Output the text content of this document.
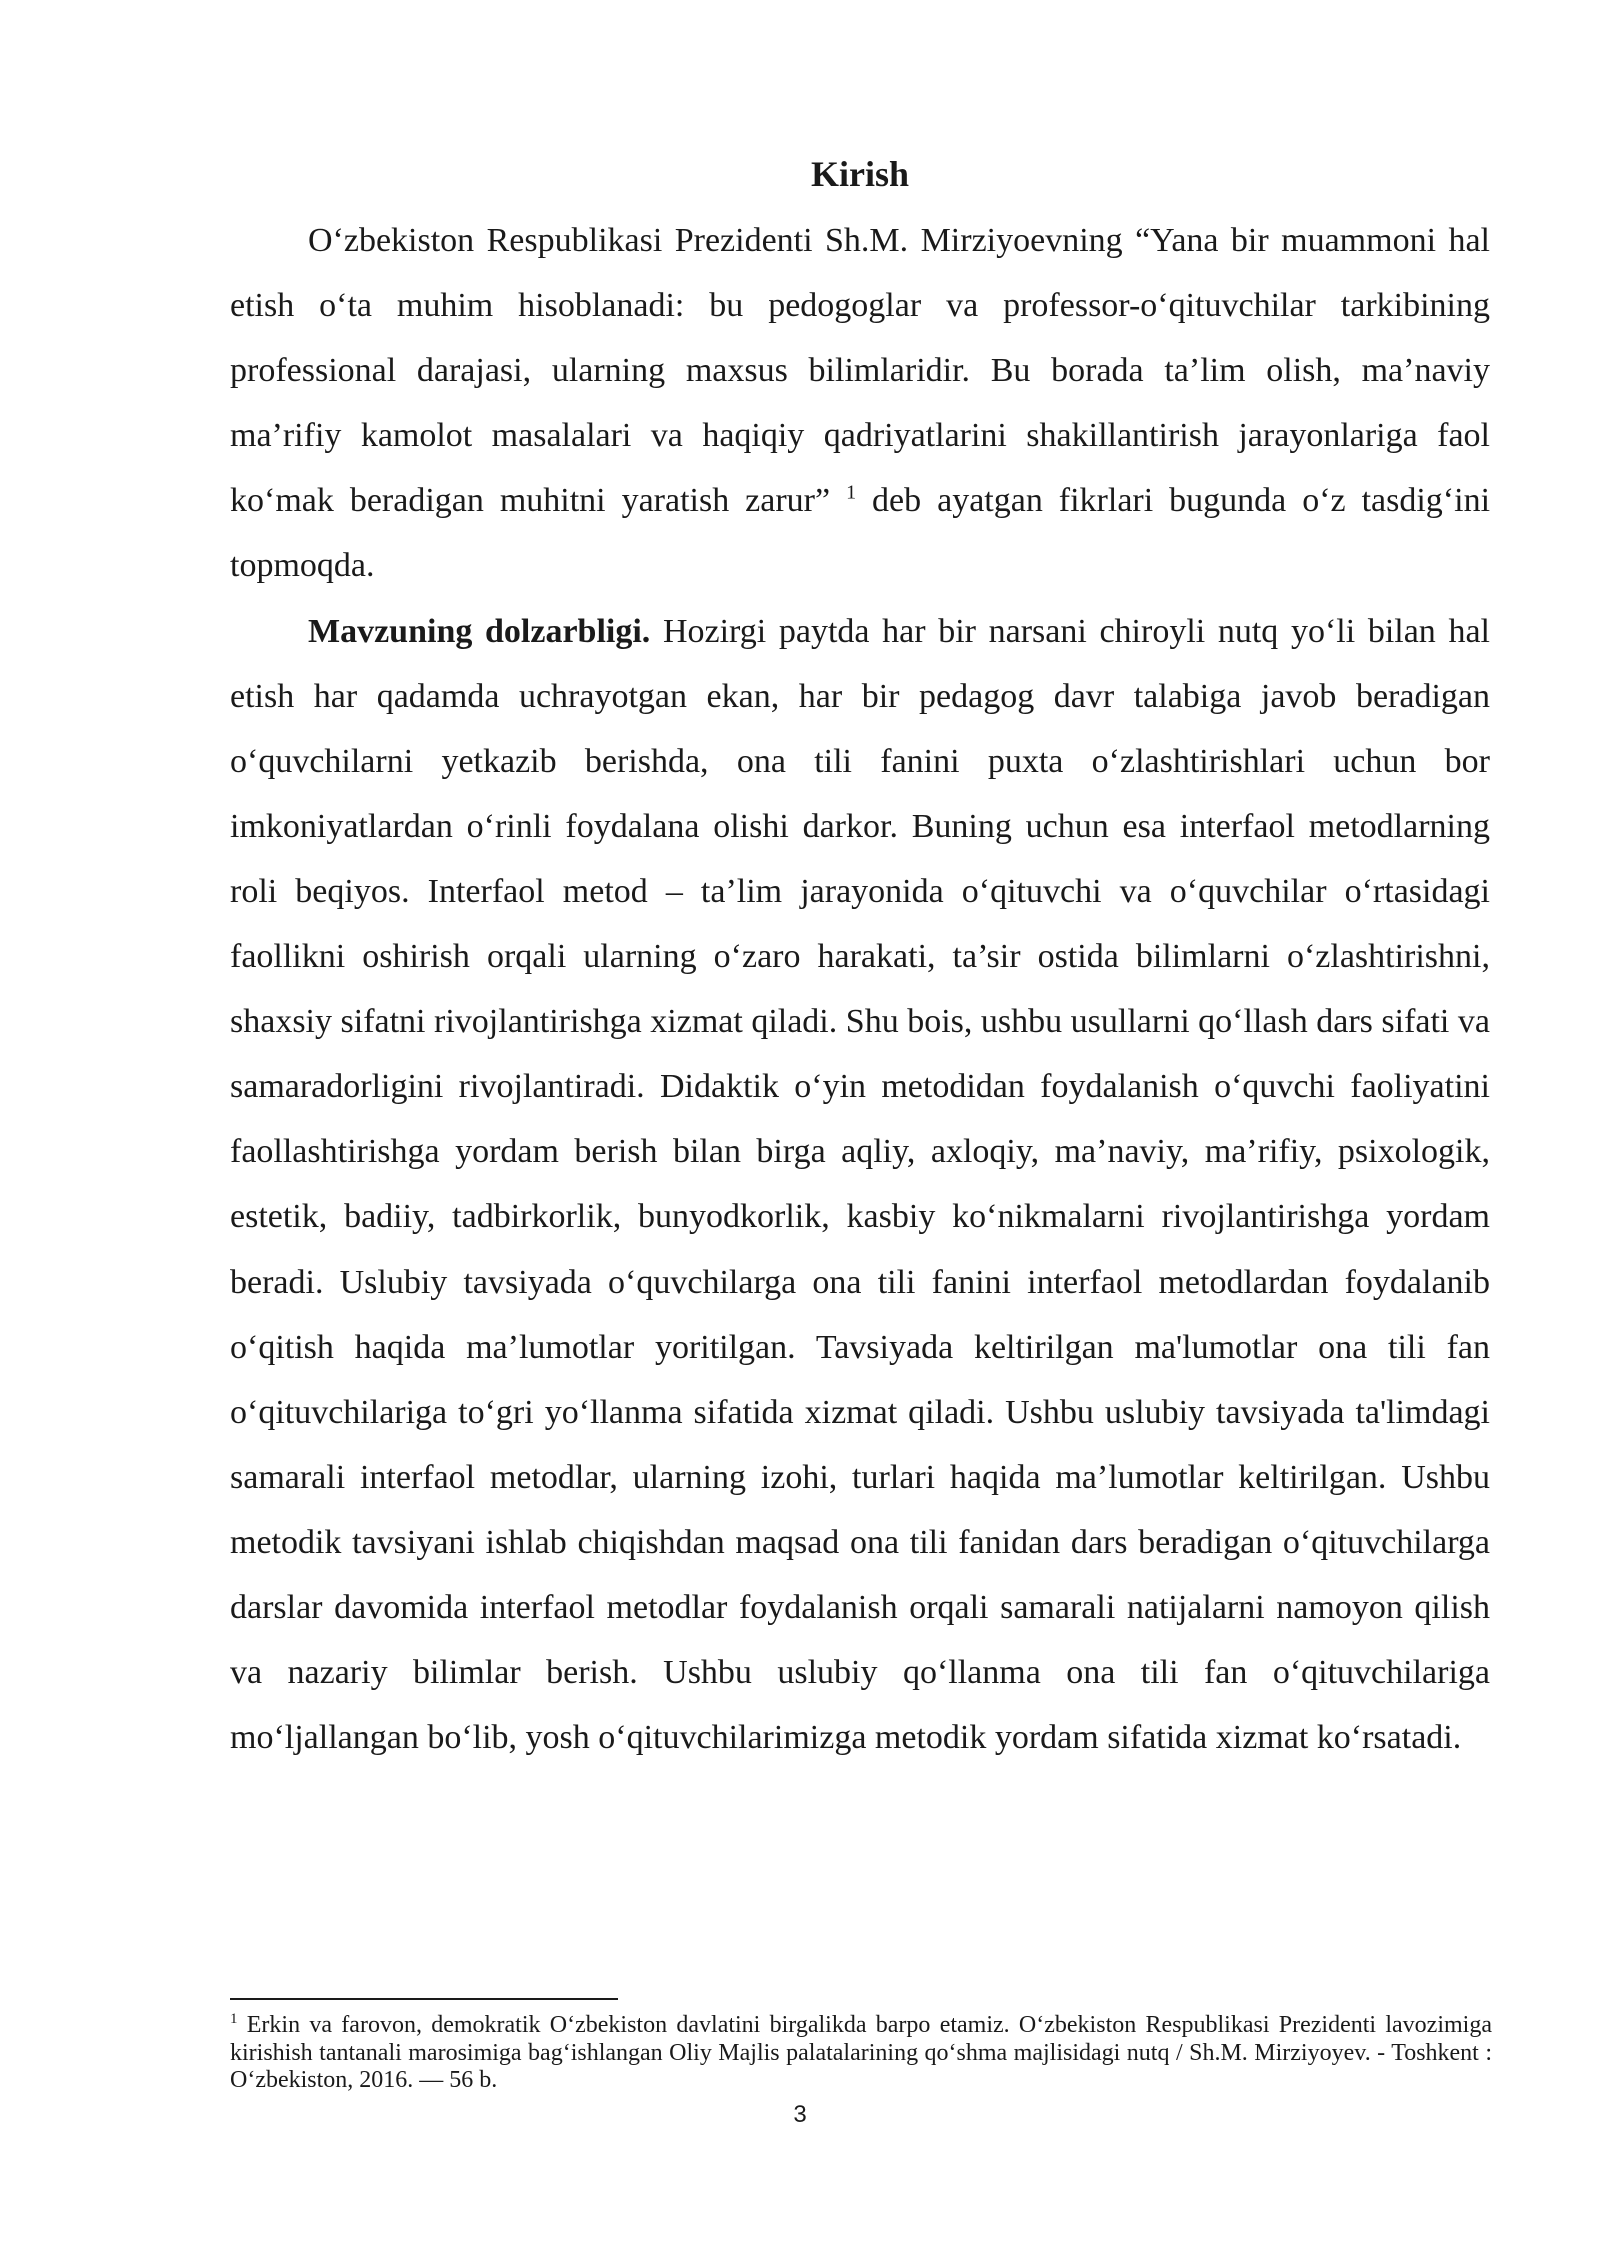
Kirish

O‘zbekiston Respublikasi Prezidenti Sh.M. Mirziyoevning “Yana bir muammoni hal etish o‘ta muhim hisoblanadi: bu pedogoglar va professor-o‘qituvchilar tarkibining professional darajasi, ularning maxsus bilimlaridir. Bu borada ta’lim olish, ma’naviy ma’rifiy kamolot masalalari va haqiqiy qadriyatlarini shakillantirish jarayonlariga faol ko‘mak beradigan muhitni yaratish zarur” $^1$ deb ayatgan fikrlari bugunda o‘z tasdig‘ini topmoqda.

Mavzuning dolzarbligi. Hozirgi paytda har bir narsani chiroyli nutq yo‘li bilan hal etish har qadamda uchrayotgan ekan, har bir pedagog davr talabiga javob beradigan o‘quvchilarni yetkazib berishda, ona tili fanini puxta o‘zlashtirishlari uchun bor imkoniyatlardan o‘rinli foydalana olishi darkor. Buning uchun esa interfaol metodlarning roli beqiyos. Interfaol metod – ta’lim jarayonida o‘qituvchi va o‘quvchilar o‘rtasidagi faollikni oshirish orqali ularning o‘zaro harakati, ta’sir ostida bilimlarni o‘zlashtirishni, shaxsiy sifatni rivojlantirishga xizmat qiladi. Shu bois, ushbu usullarni qo‘llash dars sifati va samaradorligini rivojlantiradi. Didaktik o‘yin metodidan foydalanish o‘quvchi faoliyatini faollashtirishga yordam berish bilan birga aqliy, axloqiy, ma’naviy, ma’rifiy, psixologik, estetik, badiiy, tadbirkorlik, bunyodkorlik, kasbiy ko‘nikmalarni rivojlantirishga yordam beradi. Uslubiy tavsiyada o‘quvchilarga ona tili fanini interfaol metodlardan foydalanib o‘qitish haqida ma’lumotlar yoritilgan. Tavsiyada keltirilgan ma'lumotlar ona tili fan o‘qituvchilariga to‘gri yo‘llanma sifatida xizmat qiladi. Ushbu uslubiy tavsiyada ta'limdagi samarali interfaol metodlar, ularning izohi, turlari haqida ma’lumotlar keltirilgan. Ushbu metodik tavsiyani ishlab chiqishdan maqsad ona tili fanidan dars beradigan o‘qituvchilarga darslar davomida interfaol metodlar foydalanish orqali samarali natijalarni namoyon qilish va nazariy bilimlar berish. Ushbu uslubiy qo‘llanma ona tili fan o‘qituvchilariga mo‘ljallangan bo‘lib, yosh o‘qituvchilarimizga metodik yordam sifatida xizmat ko‘rsatadi.

$^1$ Erkin va farovon, demokratik O‘zbekiston davlatini birgalikda barpo etamiz. O‘zbekiston Respublikasi Prezidenti lavozimiga kirishish tantanali marosimiga bag‘ishlangan Oliy Majlis palatalarining qo‘shma majlisidagi nutq / Sh.M. Mirziyoyev. - Toshkent : O‘zbekiston, 2016. — 56 b.

3
